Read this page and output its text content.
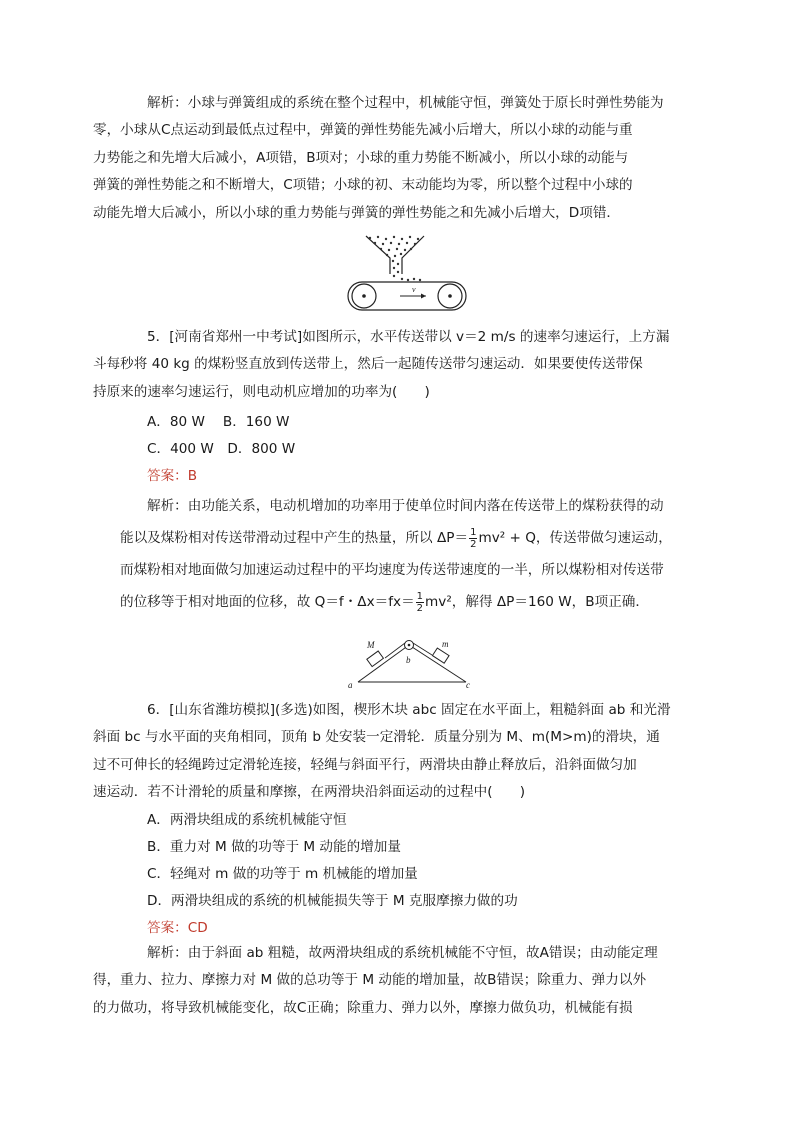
解析：小球与弹簧组成的系统在整个过程中，机械能守恒，弹簧处于原长时弹性势能为
零，小球从C点运动到最低点过程中，弹簧的弹性势能先减小后增大，所以小球的动能与重
力势能之和先增大后减小，A项错，B项对；小球的重力势能不断减小，所以小球的动能与
弹簧的弹性势能之和不断增大，C项错；小球的初、末动能均为零，所以整个过程中小球的
动能先增大后减小，所以小球的重力势能与弹簧的弹性势能之和先减小后增大，D项错．
v
5．[河南省郑州一中考试]如图所示，水平传送带以 v＝2 m/s 的速率匀速运行，上方漏
斗每秒将 40 kg 的煤粉竖直放到传送带上，然后一起随传送带匀速运动．如果要使传送带保
持原来的速率匀速运行，则电动机应增加的功率为(　　)
A．80 W　 B．160 W
C．400 W　D．800 W
答案：B
解析：由功能关系，电动机增加的功率用于使单位时间内落在传送带上的煤粉获得的动
能以及煤粉相对传送带滑动过程中产生的热量，所以 $\Delta P= \frac{1}{2} mv^2 + Q$，传送带做匀速运动，
而煤粉相对地面做匀加速运动过程中的平均速度为传送带速度的一半，所以煤粉相对传送带
的位移等于相对地面的位移，故 Q＝f・$\Delta x=fx= \frac{1}{2} mv^2$，解得 ΔP＝160 W，B项正确．
M	m
a
b
c
6．[山东省潍坊模拟](多选)如图，楔形木块 abc 固定在水平面上，粗糙斜面 ab 和光滑
斜面 bc 与水平面的夹角相同，顶角 b 处安装一定滑轮．质量分别为 M、m(M>m)的滑块，通
过不可伸长的轻绳跨过定滑轮连接，轻绳与斜面平行，两滑块由静止释放后，沿斜面做匀加
速运动．若不计滑轮的质量和摩擦，在两滑块沿斜面运动的过程中(　　)
A．两滑块组成的系统机械能守恒
B．重力对 M 做的功等于 M 动能的增加量
C．轻绳对 m 做的功等于 m 机械能的增加量
D．两滑块组成的系统的机械能损失等于 M 克服摩擦力做的功
答案：CD
解析：由于斜面 ab 粗糙，故两滑块组成的系统机械能不守恒，故A错误；由动能定理
得，重力、拉力、摩擦力对 M 做的总功等于 M 动能的增加量，故B错误；除重力、弹力以外
的力做功，将导致机械能变化，故C正确；除重力、弹力以外，摩擦力做负功，机械能有损
